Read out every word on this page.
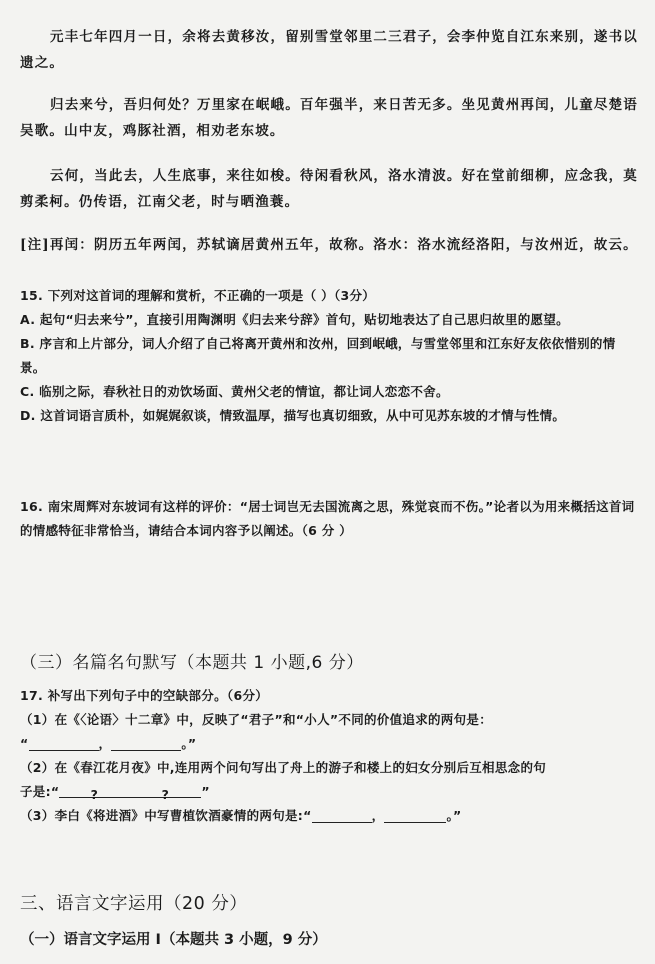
元丰七年四月一日，余将去黄移汝，留别雪堂邻里二三君子，会李仲览自江东来别，遂书以遗之。

归去来兮，吾归何处？万里家在岷峨。百年强半，来日苦无多。坐见黄州再闰，儿童尽楚语吴歌。山中友，鸡豚社酒，相劝老东坡。

云何，当此去，人生底事，来往如梭。待闲看秋风，洛水清波。好在堂前细柳，应念我，莫剪柔柯。仍传语，江南父老，时与晒渔蓑。

[注]再闰：阴历五年两闰，苏轼谪居黄州五年，故称。洛水：洛水流经洛阳，与汝州近，故云。

15. 下列对这首词的理解和赏析，不正确的一项是（ ）（3分）

A. 起句“归去来兮”，直接引用陶渊明《归去来兮辞》首句，贴切地表达了自己思归故里的愿望。

B. 序言和上片部分，词人介绍了自己将离开黄州和汝州，回到岷峨，与雪堂邻里和江东好友依依惜别的情景。

C. 临别之际，春秋社日的劝饮场面、黄州父老的情谊，都让词人恋恋不舍。

D. 这首词语言质朴，如娓娓叙谈，情致温厚，描写也真切细致，从中可见苏东坡的才情与性情。

16. 南宋周辉对东坡词有这样的评价：“居士词岂无去国流离之思，殊觉哀而不伤。”论者以为用来概括这首词的情感特征非常恰当，请结合本词内容予以阐述。（6 分 ）

（三）名篇名句默写（本题共 1 小题,6 分）

17. 补写出下列句子中的空缺部分。（6分）

（1）在《〈论语〉十二章》中，反映了“君子”和“小人”不同的价值追求的两句是：

“	，	。”

（2）在《春江花月夜》中,连用两个问句写出了舟上的游子和楼上的妇女分别后互相思念的句

子是:“ ?	?	”

（3）李白《将进酒》中写曹植饮酒豪情的两句是:“	，	。”

三、语言文字运用（20 分）

（一）语言文字运用 I（本题共 3 小题，9 分）
